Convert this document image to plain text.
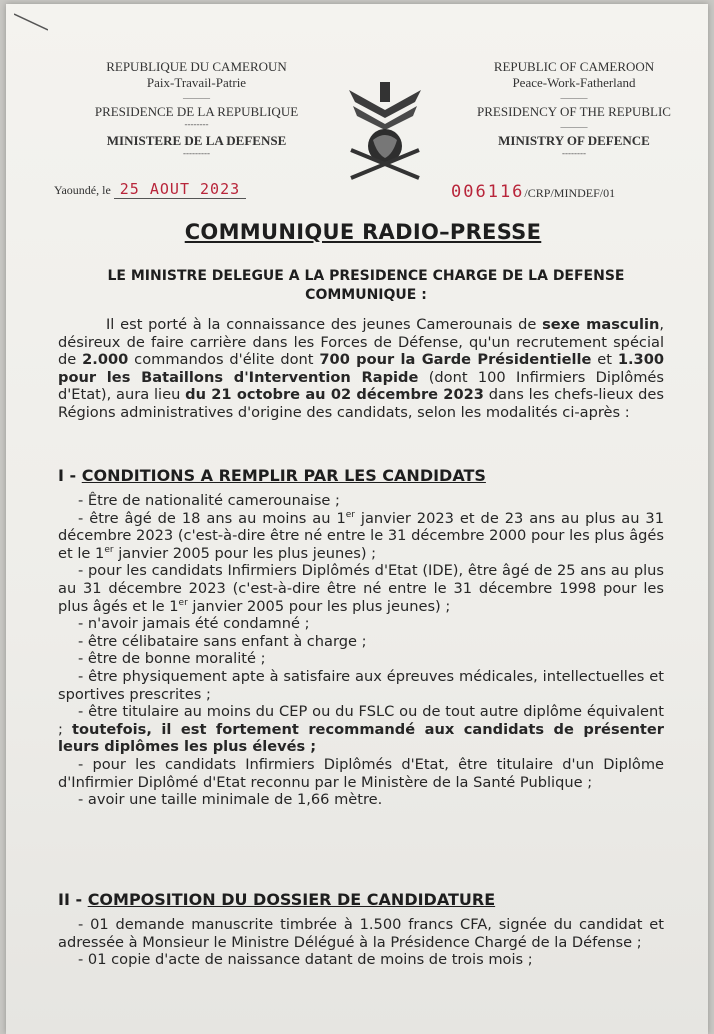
REPUBLIQUE DU CAMEROUN
Paix-Travail-Patrie
______
PRESIDENCE DE LA REPUBLIQUE
--------
MINISTERE DE LA DEFENSE
---------
REPUBLIC OF CAMEROON
Peace-Work-Fatherland
______
PRESIDENCY OF THE REPUBLIC
______
MINISTRY OF DEFENCE
--------
Yaoundé, le 25 AOUT 2023	006116/CRP/MINDEF/01
COMMUNIQUE RADIO–PRESSE
LE MINISTRE DELEGUE A LA PRESIDENCE CHARGE DE LA DEFENSE COMMUNIQUE :

Il est porté à la connaissance des jeunes Camerounais de sexe masculin, désireux de faire carrière dans les Forces de Défense, qu'un recrutement spécial de 2.000 commandos d'élite dont 700 pour la Garde Présidentielle et 1.300 pour les Bataillons d'Intervention Rapide (dont 100 Infirmiers Diplômés d'Etat), aura lieu du 21 octobre au 02 décembre 2023 dans les chefs-lieux des Régions administratives d'origine des candidats, selon les modalités ci-après :

I - CONDITIONS A REMPLIR PAR LES CANDIDATS

- Être de nationalité camerounaise ;

- être âgé de 18 ans au moins au 1er janvier 2023 et de 23 ans au plus au 31 décembre 2023 (c'est-à-dire être né entre le 31 décembre 2000 pour les plus âgés et le 1er janvier 2005 pour les plus jeunes) ;

- pour les candidats Infirmiers Diplômés d'Etat (IDE), être âgé de 25 ans au plus au 31 décembre 2023 (c'est-à-dire être né entre le 31 décembre 1998 pour les plus âgés et le 1er janvier 2005 pour les plus jeunes) ;

- n'avoir jamais été condamné ;

- être célibataire sans enfant à charge ;

- être de bonne moralité ;

- être physiquement apte à satisfaire aux épreuves médicales, intellectuelles et sportives prescrites ;

- être titulaire au moins du CEP ou du FSLC ou de tout autre diplôme équivalent ; toutefois, il est fortement recommandé aux candidats de présenter leurs diplômes les plus élevés ;

- pour les candidats Infirmiers Diplômés d'Etat, être titulaire d'un Diplôme d'Infirmier Diplômé d'Etat reconnu par le Ministère de la Santé Publique ;

- avoir une taille minimale de 1,66 mètre.

II - COMPOSITION DU DOSSIER DE CANDIDATURE

- 01 demande manuscrite timbrée à 1.500 francs CFA, signée du candidat et adressée à Monsieur le Ministre Délégué à la Présidence Chargé de la Défense ;

- 01 copie d'acte de naissance datant de moins de trois mois ;
